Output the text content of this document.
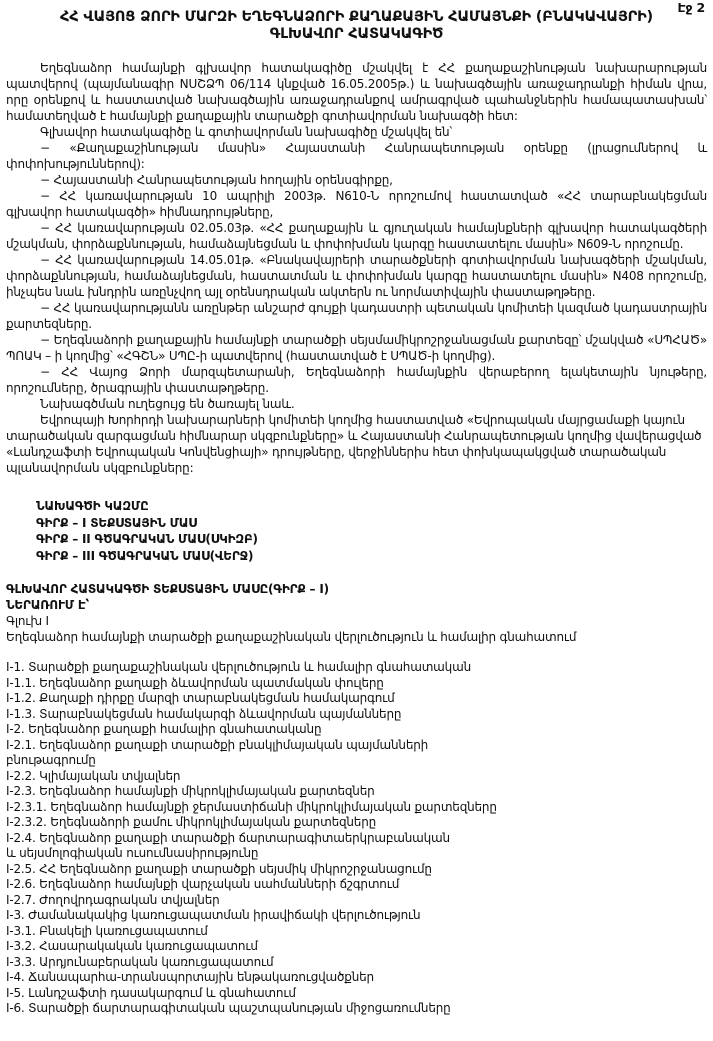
Էջ 2
ՀՀ ՎԱՅՈՑ ՁՈՐԻ ՄԱՐԶԻ ԵՂԵԳՆԱՁՈՐԻ ՔԱՂԱՔԱՅԻՆ ՀԱՄԱՅՆՔԻ (ԲՆԱԿԱՎԱՅՐԻ)
ԳԼԽԱՎՈՐ ՀԱՏԱԿԱԳԻԾ

Եղեգնաձոր համայնքի գլխավոր հատակագիծը մշակվել է ՀՀ քաղաքաշինության նախարարության պատվերով (պայմանագիր NՍՇՁՊ 06/114 կնքված 16.05.2005թ.) և նախագծային առաջադրանքի հիման վրա, որը օրենքով և հաստատված նախագծային առաջադրանքով ամրագրված պահանջներին համապատասխան՝ համատեղված է համայնքի քաղաքային տարածքի գոտիավորման նախագծի հետ:

Գլխավոր հատակագիծը և գոտիավորման նախագիծը մշակվել են՝

− «Քաղաքաշինության մասին» Հայաստանի Հանրապետության օրենքը (լրացումներով և փոփոխություններով):

− Հայաստանի Հանրապետության հողային օրենսգիրքը,

− ՀՀ կառավարության 10 ապրիլի 2003թ. N610-Ն որոշումով հաստատված «ՀՀ տարաբնակեցման գլխավոր հատակագծի» հիմնադրույթները,

− ՀՀ կառավարության 02.05.03թ. «ՀՀ քաղաքային և գյուղական համայնքների գլխավոր հատակագծերի մշակման, փորձաքննության, համաձայնեցման և փոփոխման կարգը հաստատելու մասին» N609-Ն որոշումը.

− ՀՀ կառավարության 14.05.01թ. «Բնակավայրերի տարածքների գոտիավորման նախագծերի մշակման, փորձաքննության, համաձայնեցման, հաստատման և փոփոխման կարգը հաստատելու մասին» N408 որոշումը, ինչպես նաև խնդրին առընչվող այլ օրենսդրական ակտերն ու նորմատիվային փաստաթղթերը.

− ՀՀ կառավարությանն առընթեր անշարժ գույքի կադաստրի պետական կոմիտեի կազմած կադաստրային քարտեզները.

− Եղեգնաձորի քաղաքային համայնքի տարածքի սեյսմամիկրոշրջանացման քարտեզը՝ մշակված «ՍՊՀԱԾ» ՊՈԱԿ – ի կողմից՝ «ՀԳՇՆ» ՍՊԸ-ի պատվերով (հաստատված է ՍՊԱԾ-ի կողմից).

− ՀՀ Վայոց Ձորի մարզպետարանի, Եղեգնաձորի համայնքին վերաբերող ելակետային նյութերը, որոշումները, ծրագրային փաստաթղթերը.

Նախագծման ուղեցույց են ծառայել նաև.

Եվրոպայի Խորհրդի նախարարների կոմիտեի կողմից հաստատված «Եվրոպական մայրցամաքի կայուն տարածական զարգացման հիմնարար սկզբունքները» և Հայաստանի Հանրապետության կողմից վավերացված «Լանդշաֆտի Եվրոպական Կոնվենցիայի» դրույթները, վերջիններիս հետ փոխկապակցված տարածական պլանավորման սկզբունքները:

ՆԱԽԱԳԾԻ ԿԱԶՄԸ
ԳԻՐՔ – I ՏԵՔՍՏԱՅԻՆ ՄԱՍ
ԳԻՐՔ – II ԳԾԱԳՐԱԿԱՆ ՄԱՍ(ՍԿԻԶԲ)
ԳԻՐՔ – III ԳԾԱԳՐԱԿԱՆ ՄԱՍ(ՎԵՐՋ)
ԳԼԽԱՎՈՐ ՀԱՏԱԿԱԳԾԻ ՏԵՔՍՏԱՅԻՆ ՄԱՍԸ(ԳԻՐՔ – I)
ՆԵՐԱՌՈՒՄ Է՝
Գլուխ I
Եղեգնաձոր համայնքի տարածքի քաղաքաշինական վերլուծություն և համալիր գնահատում
I-1. Տարածքի քաղաքաշինական վերլուծություն և համալիր գնահատական
I-1.1. Եղեգնաձոր քաղաքի ձևավորման պատմական փուլերը
I-1.2. Քաղաքի դիրքը մարզի տարաբնակեցման համակարգում
I-1.3. Տարաբնակեցման համակարգի ձևավորման պայմանները
I-2. Եղեգնաձոր քաղաքի համալիր գնահատականը
I-2.1. Եղեգնաձոր քաղաքի տարածքի բնակլիմայական պայմանների
բնութագրումը
I-2.2. Կլիմայական տվյալներ
I-2.3. Եղեգնաձոր համայնքի միկրոկլիմայական քարտեզներ
I-2.3.1. Եղեգնաձոր համայնքի ջերմաստիճանի միկրոկլիմայական քարտեզները
I-2.3.2. Եղեգնաձորի քամու միկրոկլիմայական քարտեզները
I-2.4. Եղեգնաձոր քաղաքի տարածքի ճարտարագիտաերկրաբանական
և սեյսմոլոգիական ուսումնասիրությունը
I-2.5. ՀՀ Եղեգնաձոր քաղաքի տարածքի սեյսմիկ միկրոշրջանացումը
I-2.6. Եղեգնաձոր համայնքի վարչական սահմանների ճշգրտում
I-2.7. Ժողովրդագրական տվյալներ
I-3. Ժամանակակից կառուցապատման իրավիճակի վերլուծություն
I-3.1. Բնակելի կառուցապատում
I-3.2. Հասարակական կառուցապատում
I-3.3. Արդյունաբերական կառուցապատում
I-4. Ճանապարհա-տրանսպորտային ենթակառուցվածքներ
I-5. Լանդշաֆտի դասակարգում և գնահատում
I-6. Տարածքի ճարտարագիտական պաշտպանության միջոցառումները
